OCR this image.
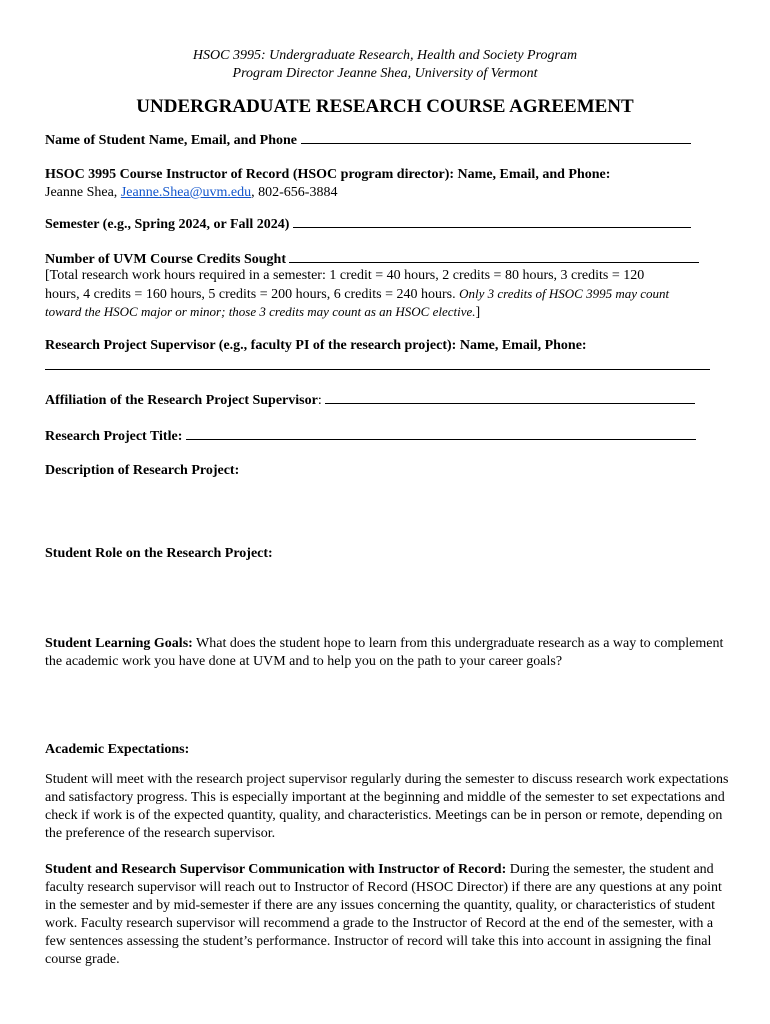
HSOC 3995: Undergraduate Research, Health and Society Program
Program Director Jeanne Shea, University of Vermont
UNDERGRADUATE RESEARCH COURSE AGREEMENT
Name of Student Name, Email, and Phone
HSOC 3995 Course Instructor of Record (HSOC program director): Name, Email, and Phone:
Jeanne Shea, Jeanne.Shea@uvm.edu, 802-656-3884
Semester (e.g., Spring 2024, or Fall 2024)
Number of UVM Course Credits Sought
[Total research work hours required in a semester: 1 credit = 40 hours, 2 credits = 80 hours, 3 credits = 120
hours, 4 credits = 160 hours, 5 credits = 200 hours, 6 credits = 240 hours. Only 3 credits of HSOC 3995 may count
toward the HSOC major or minor; those 3 credits may count as an HSOC elective.]
Research Project Supervisor (e.g., faculty PI of the research project): Name, Email, Phone:
Affiliation of the Research Project Supervisor:
Research Project Title:
Description of Research Project:
Student Role on the Research Project:
Student Learning Goals: What does the student hope to learn from this undergraduate research as a way to complement the academic work you have done at UVM and to help you on the path to your career goals?
Academic Expectations:
Student will meet with the research project supervisor regularly during the semester to discuss research work expectations and satisfactory progress. This is especially important at the beginning and middle of the semester to set expectations and check if work is of the expected quantity, quality, and characteristics. Meetings can be in person or remote, depending on the preference of the research supervisor.
Student and Research Supervisor Communication with Instructor of Record: During the semester, the student and faculty research supervisor will reach out to Instructor of Record (HSOC Director) if there are any questions at any point in the semester and by mid-semester if there are any issues concerning the quantity, quality, or characteristics of student work. Faculty research supervisor will recommend a grade to the Instructor of Record at the end of the semester, with a few sentences assessing the student’s performance. Instructor of record will take this into account in assigning the final course grade.
